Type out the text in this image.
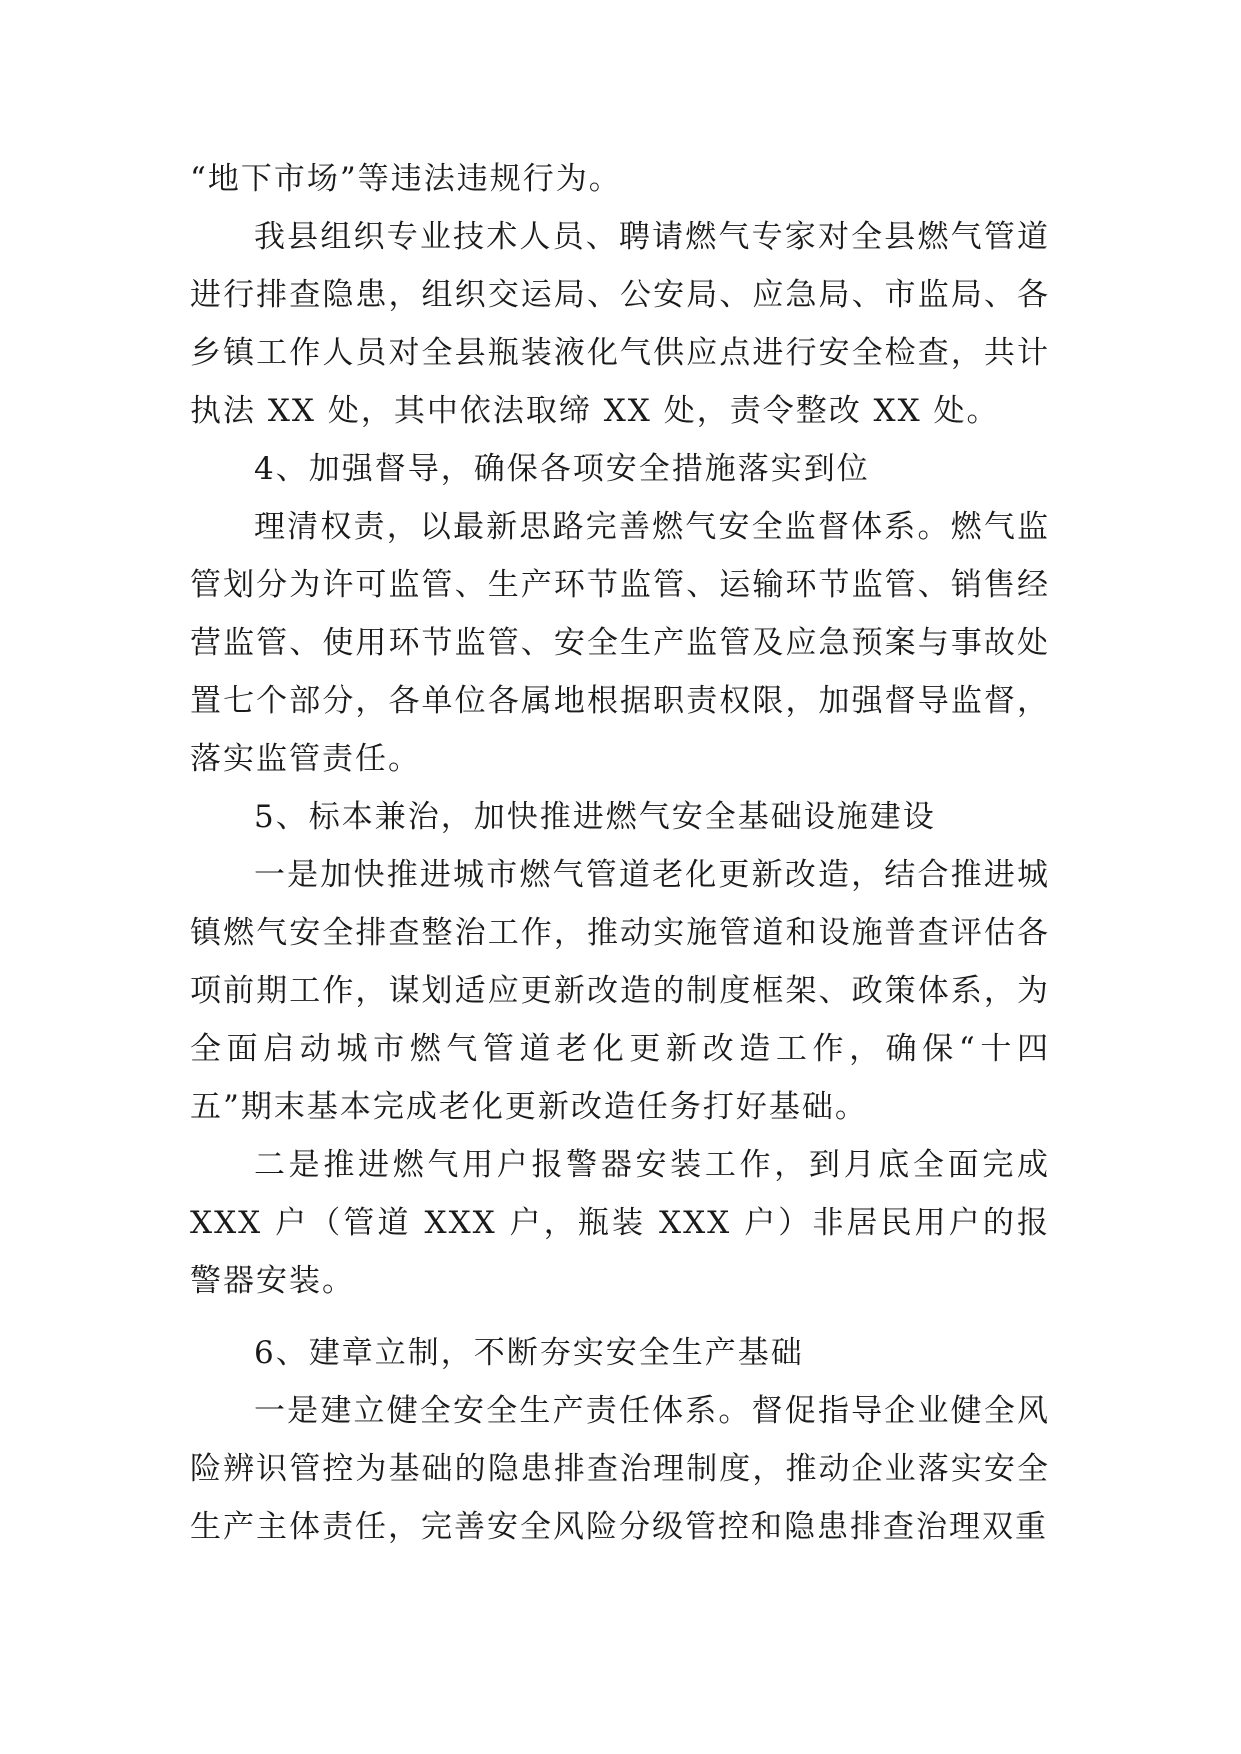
“地下市场”等违法违规行为。

我县组织专业技术人员、聘请燃气专家对全县燃气管道进行排查隐患，组织交运局、公安局、应急局、市监局、各乡镇工作人员对全县瓶装液化气供应点进行安全检查，共计执法 XX 处，其中依法取缔 XX 处，责令整改 XX 处。

4、加强督导，确保各项安全措施落实到位

理清权责，以最新思路完善燃气安全监督体系。燃气监管划分为许可监管、生产环节监管、运输环节监管、销售经营监管、使用环节监管、安全生产监管及应急预案与事故处置七个部分，各单位各属地根据职责权限，加强督导监督，落实监管责任。

5、标本兼治，加快推进燃气安全基础设施建设

一是加快推进城市燃气管道老化更新改造，结合推进城镇燃气安全排查整治工作，推动实施管道和设施普查评估各项前期工作，谋划适应更新改造的制度框架、政策体系，为全面启动城市燃气管道老化更新改造工作，确保“十四五”期末基本完成老化更新改造任务打好基础。

二是推进燃气用户报警器安装工作，到月底全面完成 XXX 户（管道 XXX 户，瓶装 XXX 户）非居民用户的报警器安装。

6、建章立制，不断夯实安全生产基础

一是建立健全安全生产责任体系。督促指导企业健全风险辨识管控为基础的隐患排查治理制度，推动企业落实安全生产主体责任，完善安全风险分级管控和隐患排查治理双重
